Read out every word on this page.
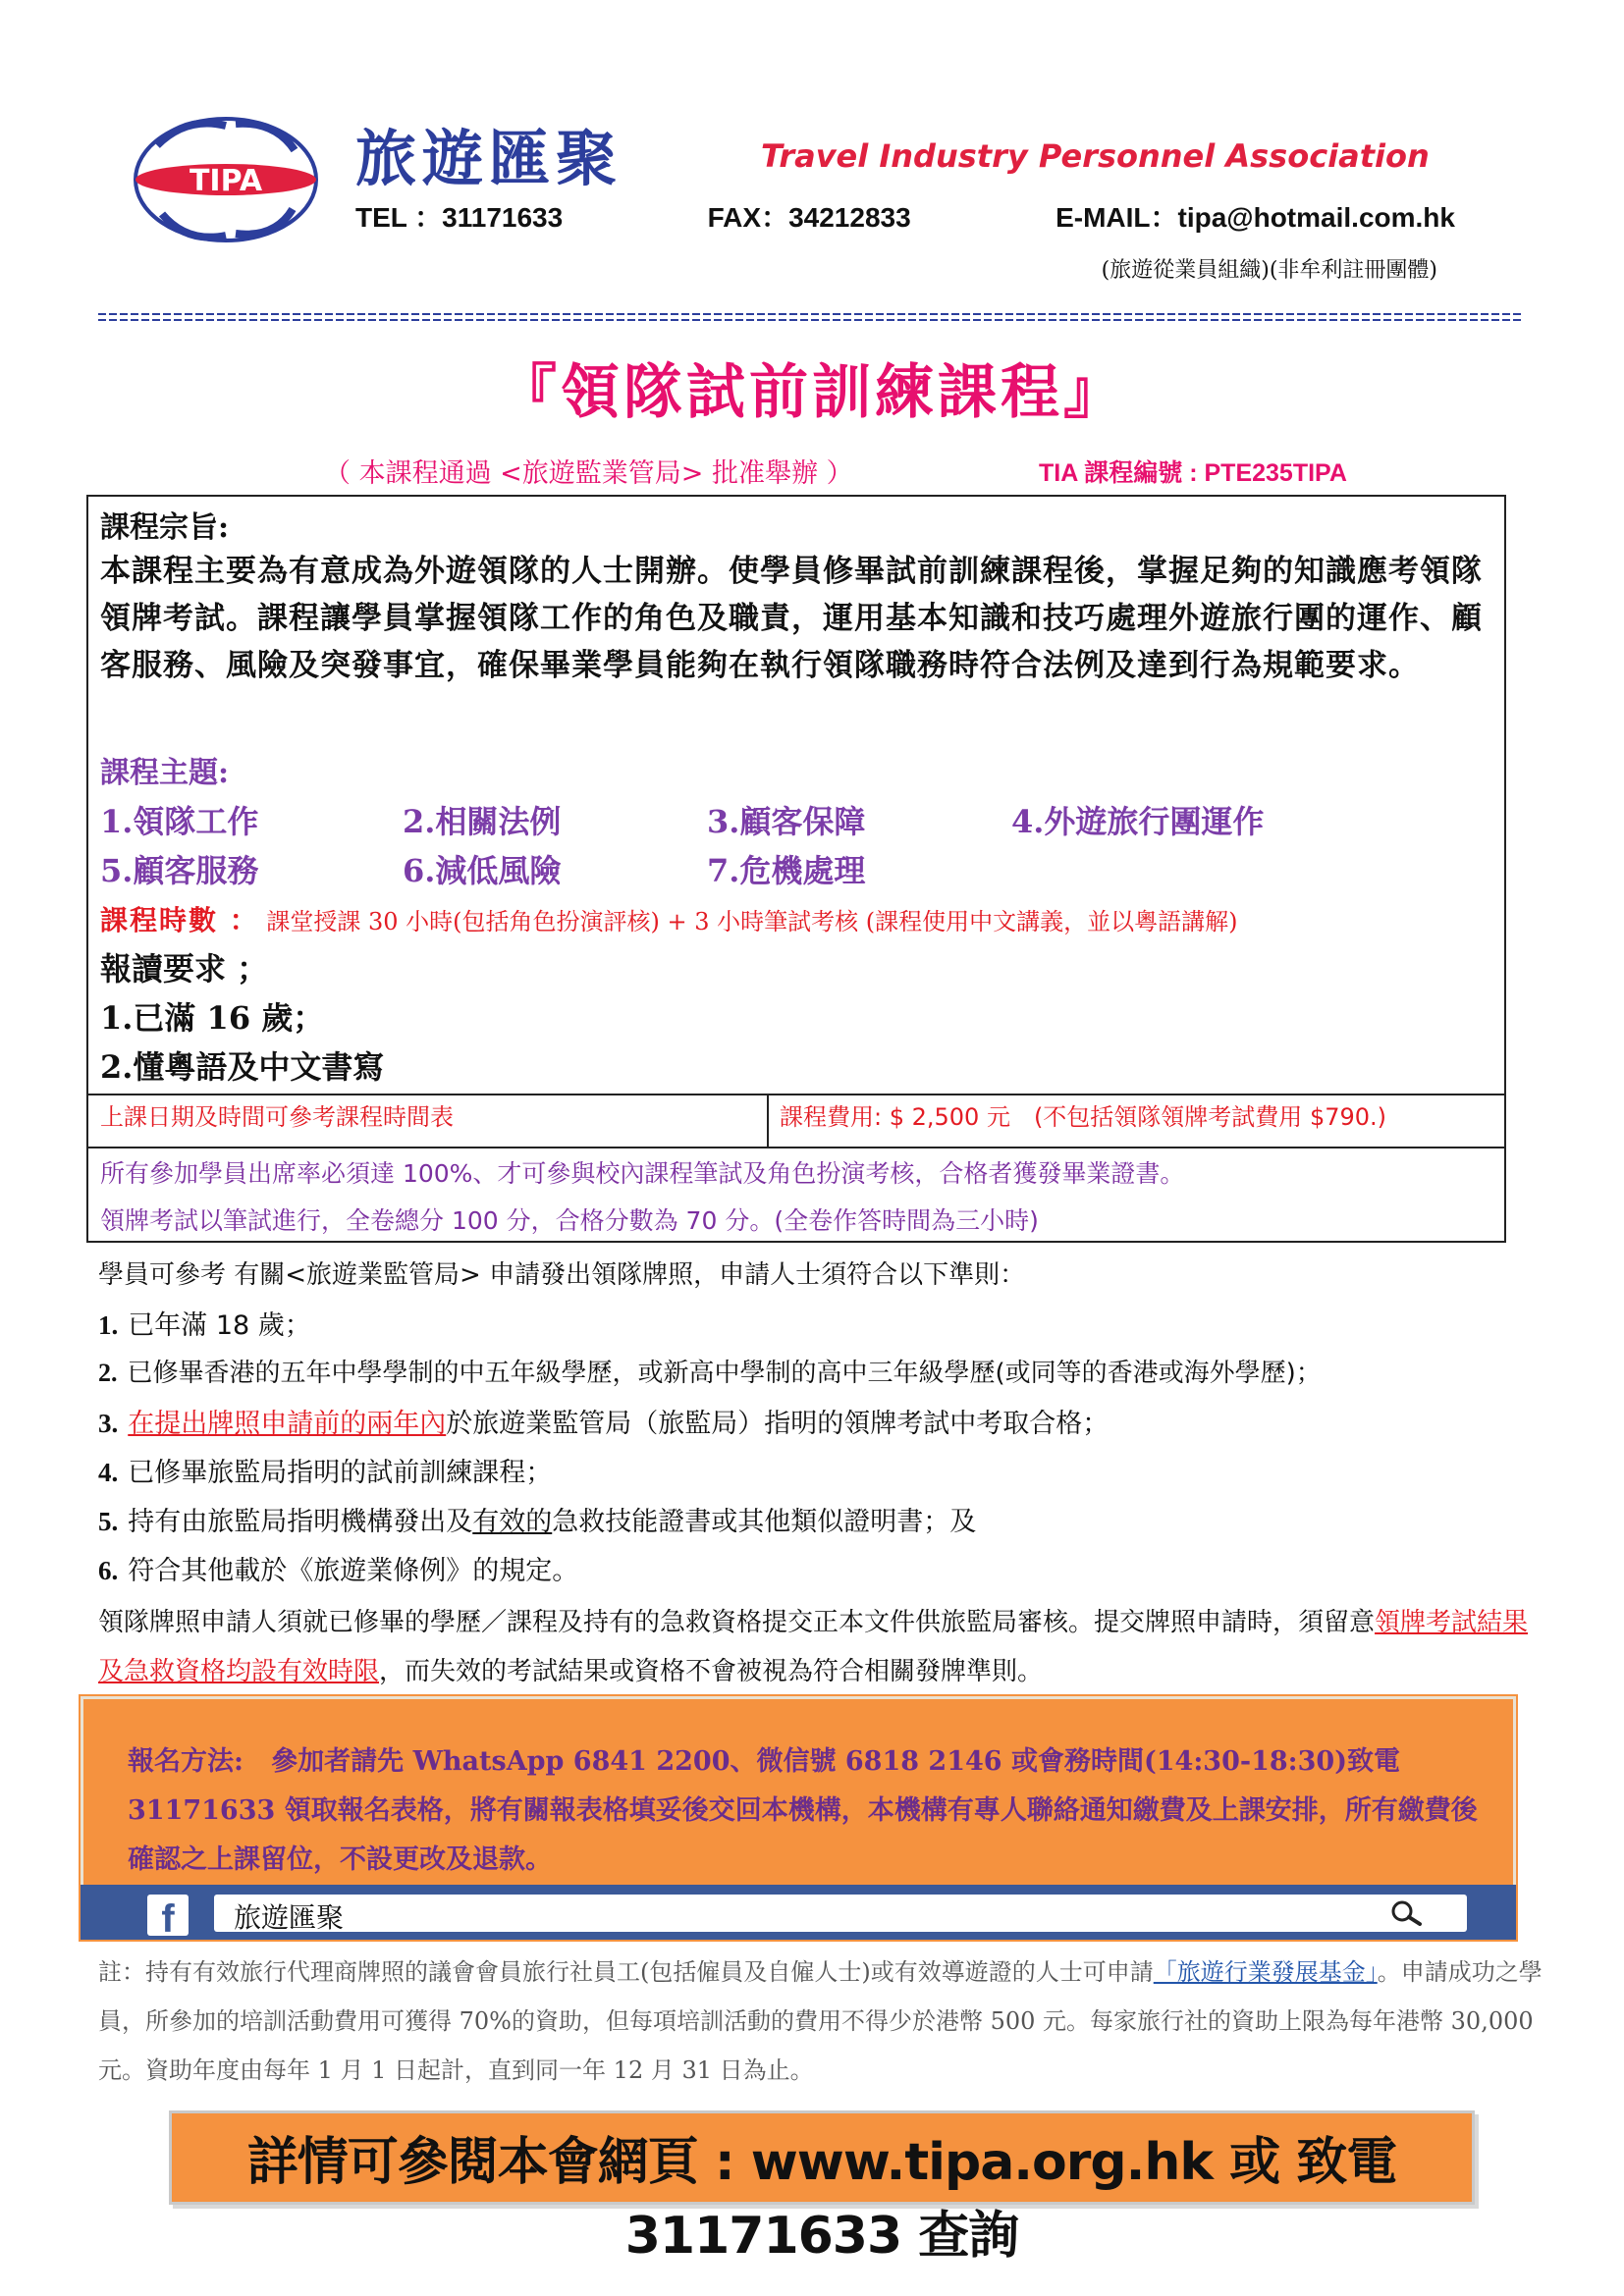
TIPA 旅遊匯聚	Travel Industry Personnel Association
TEL ：31171633	FAX：34212833	E-MAIL：tipa@hotmail.com.hk
(旅遊從業員組織)(非牟利註冊團體)
『領隊試前訓練課程』
（ 本課程通過 <旅遊監業管局> 批准舉辦 ）	TIA 課程編號 : PTE235TIPA
課程宗旨:
本課程主要為有意成為外遊領隊的人士開辦。使學員修畢試前訓練課程後，掌握足夠的知識應考領隊領牌考試。課程讓學員掌握領隊工作的角色及職責，運用基本知識和技巧處理外遊旅行團的運作、顧客服務、風險及突發事宜，確保畢業學員能夠在執行領隊職務時符合法例及達到行為規範要求。
課程主題:
1.領隊工作	2.相關法例	3.顧客保障	4.外遊旅行團運作
5.顧客服務	6.減低風險	7.危機處理
課程時數 ： 課堂授課 30 小時(包括角色扮演評核) + 3 小時筆試考核 (課程使用中文講義，並以粵語講解)
報讀要求 ；
1.已滿 16 歲；
2.懂粵語及中文書寫
上課日期及時間可參考課程時間表	課程費用: $ 2,500 元　(不包括領隊領牌考試費用 $790.)
所有參加學員出席率必須達 100%、才可參與校內課程筆試及角色扮演考核，合格者獲發畢業證書。
領牌考試以筆試進行，全卷總分 100 分，合格分數為 70 分。(全卷作答時間為三小時)
學員可參考 有關<旅遊業監管局> 申請發出領隊牌照，申請人士須符合以下準則：
1. 已年滿 18 歲；
2. 已修畢香港的五年中學學制的中五年級學歷，或新高中學制的高中三年級學歷(或同等的香港或海外學歷)；
3. 在提出牌照申請前的兩年內於旅遊業監管局（旅監局）指明的領牌考試中考取合格；
4. 已修畢旅監局指明的試前訓練課程；
5. 持有由旅監局指明機構發出及有效的急救技能證書或其他類似證明書；及
6. 符合其他載於《旅遊業條例》的規定。
領隊牌照申請人須就已修畢的學歷／課程及持有的急救資格提交正本文件供旅監局審核。提交牌照申請時，須留意領牌考試結果及急救資格均設有效時限，而失效的考試結果或資格不會被視為符合相關發牌準則。
報名方法: 參加者請先 WhatsApp 6841 2200、微信號 6818 2146 或會務時間(14:30-18:30)致電 31171633 領取報名表格，將有關報表格填妥後交回本機構，本機構有專人聯絡通知繳費及上課安排，所有繳費後確認之上課留位，不設更改及退款。
f	旅遊匯聚
註：持有有效旅行代理商牌照的議會會員旅行社員工(包括僱員及自僱人士)或有效導遊證的人士可申請「旅遊行業發展基金」。申請成功之學員，所參加的培訓活動費用可獲得 70%的資助，但每項培訓活動的費用不得少於港幣 500 元。每家旅行社的資助上限為每年港幣 30,000 元。資助年度由每年 1 月 1 日起計，直到同一年 12 月 31 日為止。
詳情可參閱本會網頁 : www.tipa.org.hk 或 致電 31171633 查詢
